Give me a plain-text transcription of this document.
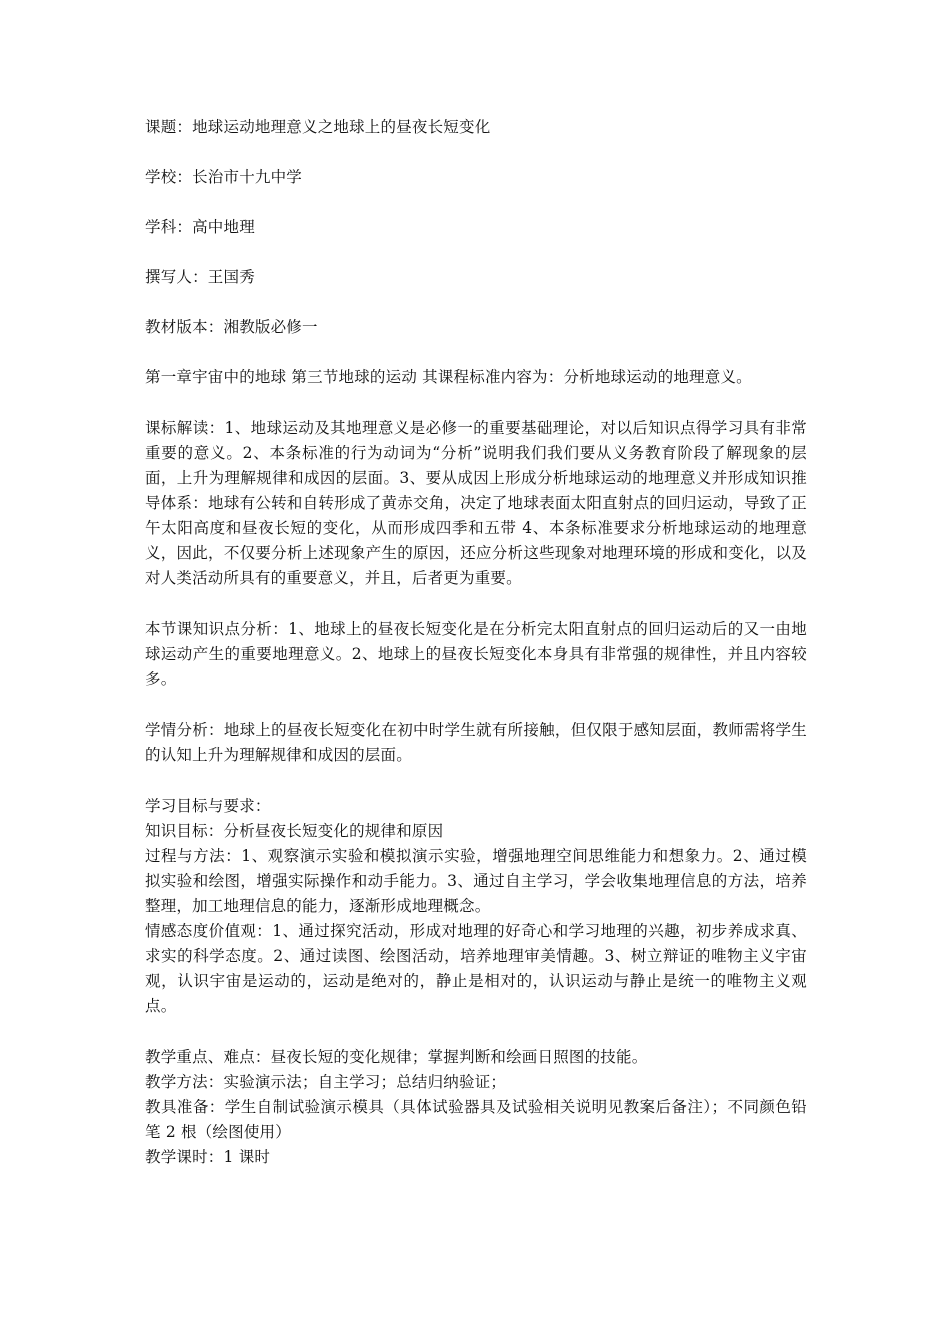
课题：地球运动地理意义之地球上的昼夜长短变化

学校：长治市十九中学

学科：高中地理

撰写人：王国秀

教材版本：湘教版必修一

第一章宇宙中的地球 第三节地球的运动 其课程标准内容为：分析地球运动的地理意义。

课标解读：1、地球运动及其地理意义是必修一的重要基础理论，对以后知识点得学习具有非常重要的意义。2、本条标准的行为动词为“分析”说明我们我们要从义务教育阶段了解现象的层面，上升为理解规律和成因的层面。3、要从成因上形成分析地球运动的地理意义并形成知识推导体系：地球有公转和自转形成了黄赤交角，决定了地球表面太阳直射点的回归运动，导致了正午太阳高度和昼夜长短的变化，从而形成四季和五带 4、本条标准要求分析地球运动的地理意义，因此，不仅要分析上述现象产生的原因，还应分析这些现象对地理环境的形成和变化，以及对人类活动所具有的重要意义，并且，后者更为重要。

本节课知识点分析：1、地球上的昼夜长短变化是在分析完太阳直射点的回归运动后的又一由地球运动产生的重要地理意义。2、地球上的昼夜长短变化本身具有非常强的规律性，并且内容较多。

学情分析：地球上的昼夜长短变化在初中时学生就有所接触，但仅限于感知层面，教师需将学生的认知上升为理解规律和成因的层面。

学习目标与要求：

知识目标：分析昼夜长短变化的规律和原因

过程与方法：1、观察演示实验和模拟演示实验，增强地理空间思维能力和想象力。2、通过模拟实验和绘图，增强实际操作和动手能力。3、通过自主学习，学会收集地理信息的方法，培养整理，加工地理信息的能力，逐渐形成地理概念。

情感态度价值观：1、通过探究活动，形成对地理的好奇心和学习地理的兴趣，初步养成求真、求实的科学态度。2、通过读图、绘图活动，培养地理审美情趣。3、树立辩证的唯物主义宇宙观，认识宇宙是运动的，运动是绝对的，静止是相对的，认识运动与静止是统一的唯物主义观点。

教学重点、难点：昼夜长短的变化规律；掌握判断和绘画日照图的技能。

教学方法：实验演示法；自主学习；总结归纳验证；

教具准备：学生自制试验演示模具（具体试验器具及试验相关说明见教案后备注）；不同颜色铅笔 2 根（绘图使用）

教学课时：1 课时
